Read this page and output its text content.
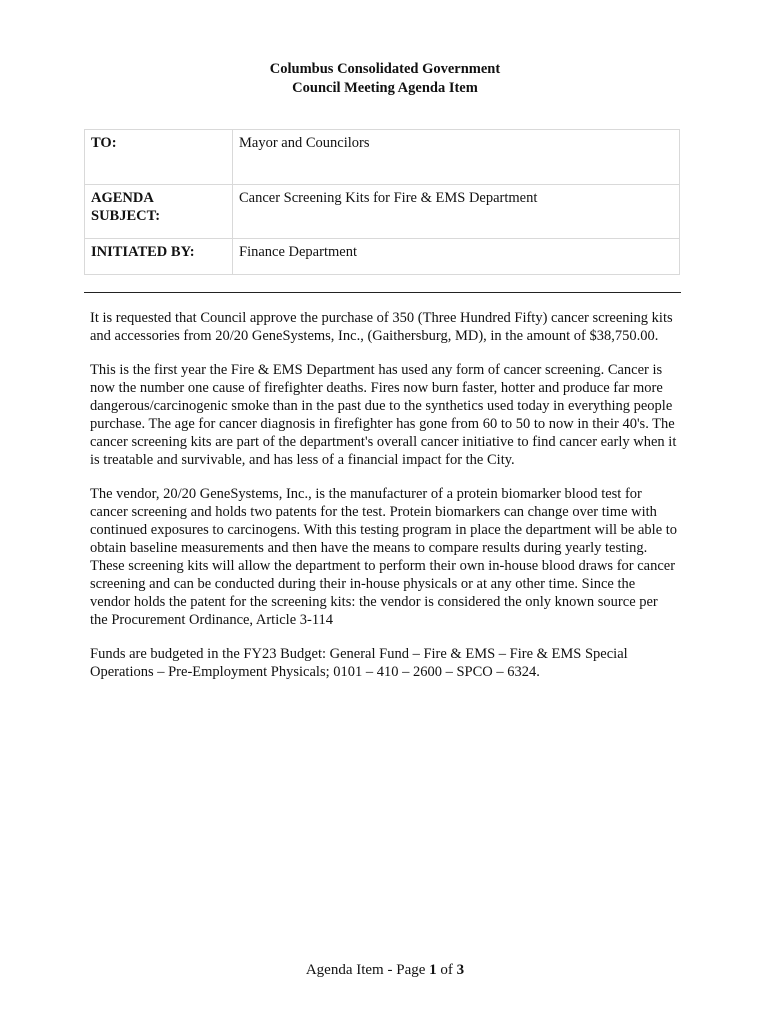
Columbus Consolidated Government
Council Meeting Agenda Item
TO:	Mayor and Councilors

AGENDA SUBJECT:	Cancer Screening Kits for Fire & EMS Department

INITIATED BY:	Finance Department

It is requested that Council approve the purchase of 350 (Three Hundred Fifty) cancer screening kits and accessories from 20/20 GeneSystems, Inc., (Gaithersburg, MD), in the amount of $38,750.00.

This is the first year the Fire & EMS Department has used any form of cancer screening. Cancer is now the number one cause of firefighter deaths. Fires now burn faster, hotter and produce far more dangerous/carcinogenic smoke than in the past due to the synthetics used today in everything people purchase. The age for cancer diagnosis in firefighter has gone from 60 to 50 to now in their 40's. The cancer screening kits are part of the department's overall cancer initiative to find cancer early when it is treatable and survivable, and has less of a financial impact for the City.

The vendor, 20/20 GeneSystems, Inc., is the manufacturer of a protein biomarker blood test for cancer screening and holds two patents for the test. Protein biomarkers can change over time with continued exposures to carcinogens. With this testing program in place the department will be able to obtain baseline measurements and then have the means to compare results during yearly testing. These screening kits will allow the department to perform their own in-house blood draws for cancer screening and can be conducted during their in-house physicals or at any other time. Since the vendor holds the patent for the screening kits: the vendor is considered the only known source per the Procurement Ordinance, Article 3-114

Funds are budgeted in the FY23 Budget: General Fund – Fire & EMS – Fire & EMS Special Operations – Pre-Employment Physicals; 0101 – 410 – 2600 – SPCO – 6324.

Agenda Item - Page 1 of 3
